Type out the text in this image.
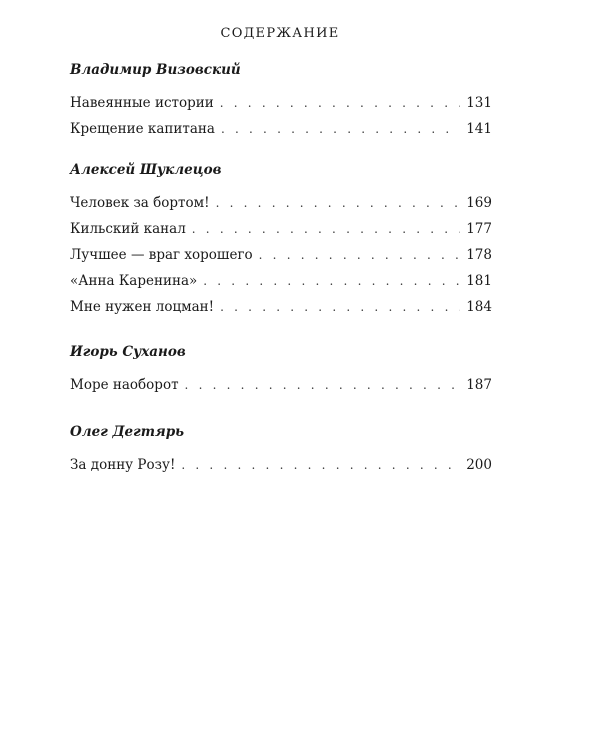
СОДЕРЖАНИЕ
Владимир Визовский
Навеянные истории . . .	131
Крещение капитана . . .	141
Алексей Шуклецов
Человек за бортом! . . .	169
Кильский канал . . .	177
Лучшее — враг хорошего . . .	178
«Анна Каренина» . . .	181
Мне нужен лоцман! . . .	184
Игорь Суханов
Море наоборот . . .	187
Олег Дегтярь
За донну Розу! . . .	200
